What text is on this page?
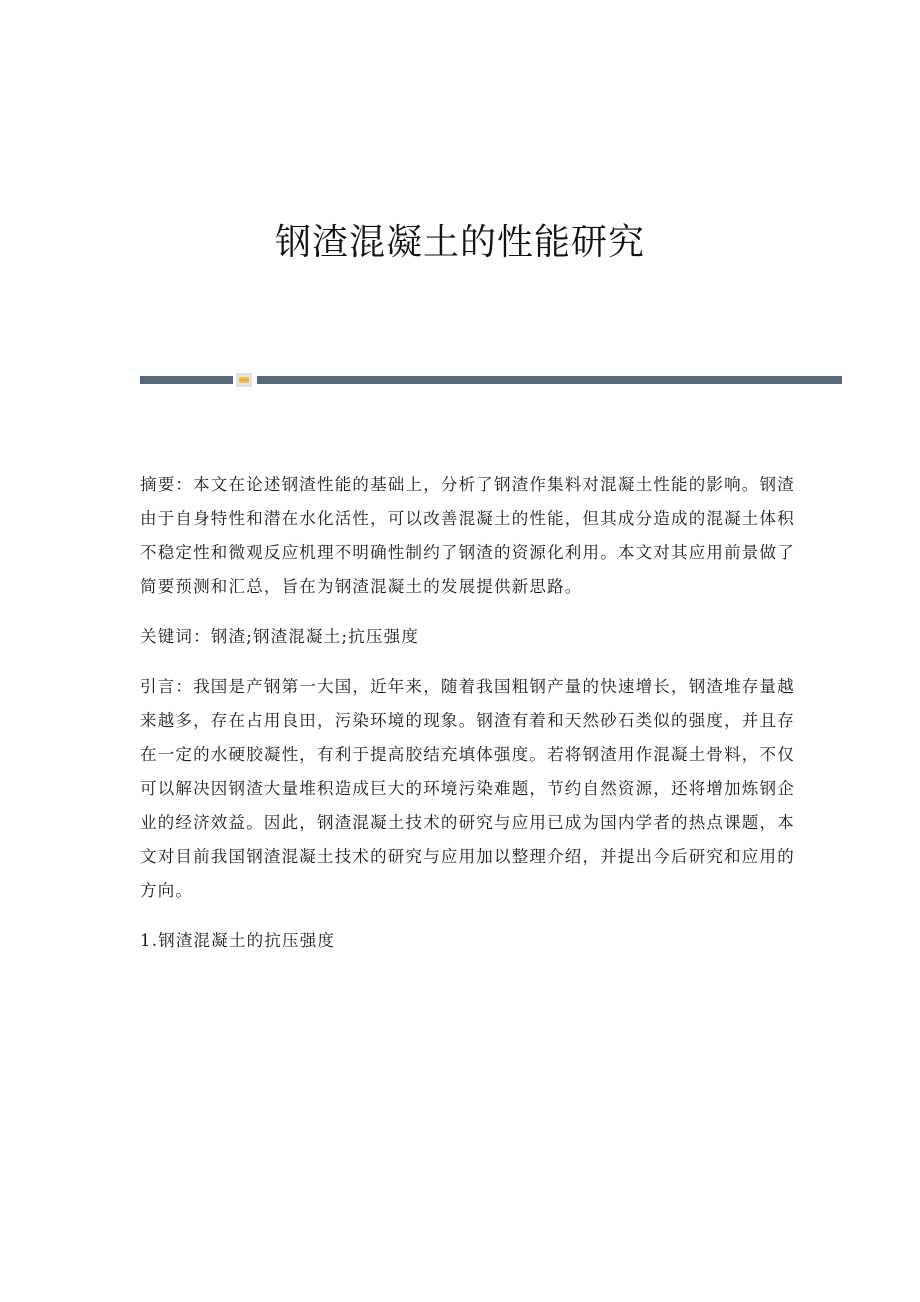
钢渣混凝土的性能研究

摘要：本文在论述钢渣性能的基础上，分析了钢渣作集料对混凝土性能的影响。钢渣由于自身特性和潜在水化活性，可以改善混凝土的性能，但其成分造成的混凝土体积不稳定性和微观反应机理不明确性制约了钢渣的资源化利用。本文对其应用前景做了简要预测和汇总，旨在为钢渣混凝土的发展提供新思路。

关键词：钢渣;钢渣混凝土;抗压强度

引言：我国是产钢第一大国，近年来，随着我国粗钢产量的快速增长，钢渣堆存量越来越多，存在占用良田，污染环境的现象。钢渣有着和天然砂石类似的强度，并且存在一定的水硬胶凝性，有利于提高胶结充填体强度。若将钢渣用作混凝土骨料，不仅可以解决因钢渣大量堆积造成巨大的环境污染难题，节约自然资源，还将增加炼钢企业的经济效益。因此，钢渣混凝土技术的研究与应用已成为国内学者的热点课题，本文对目前我国钢渣混凝土技术的研究与应用加以整理介绍，并提出今后研究和应用的方向。

1.钢渣混凝土的抗压强度
